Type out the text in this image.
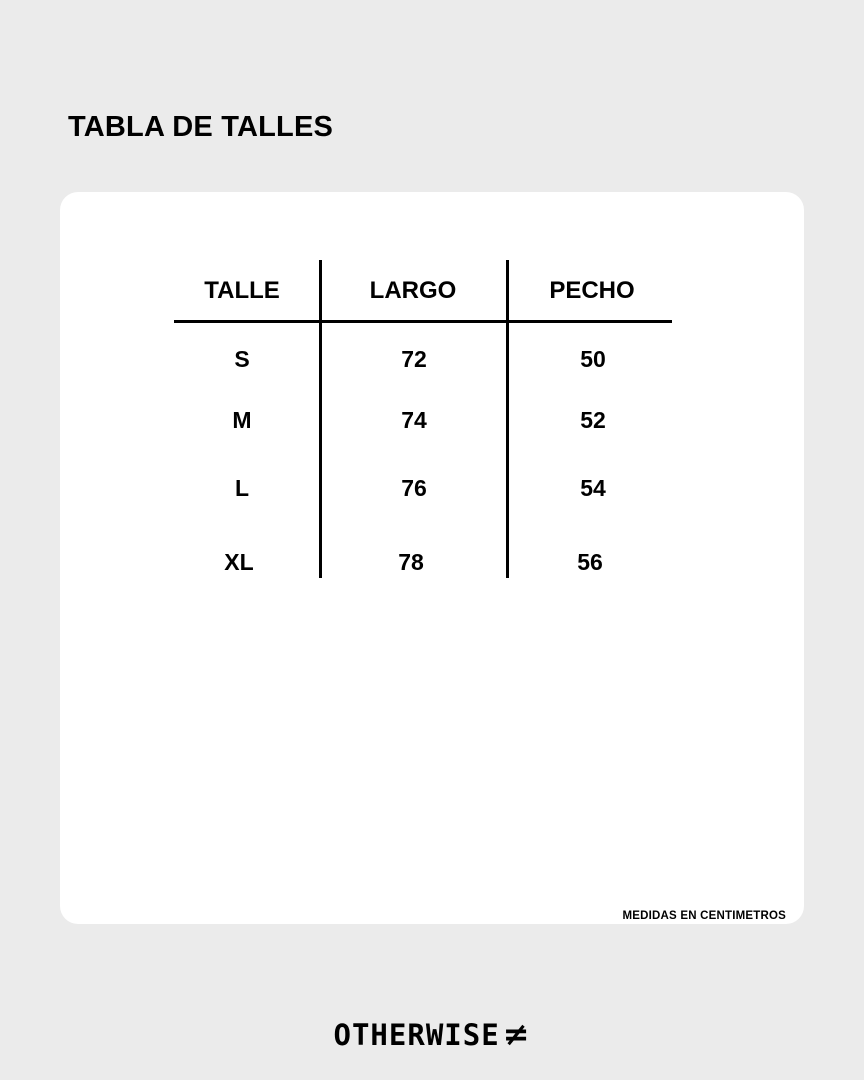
TABLA DE TALLES
TALLE	LARGO	PECHO
S	72	50
M	74	52
L	76	54
XL	78	56
MEDIDAS EN CENTIMETROS
OTHERWISE≠
